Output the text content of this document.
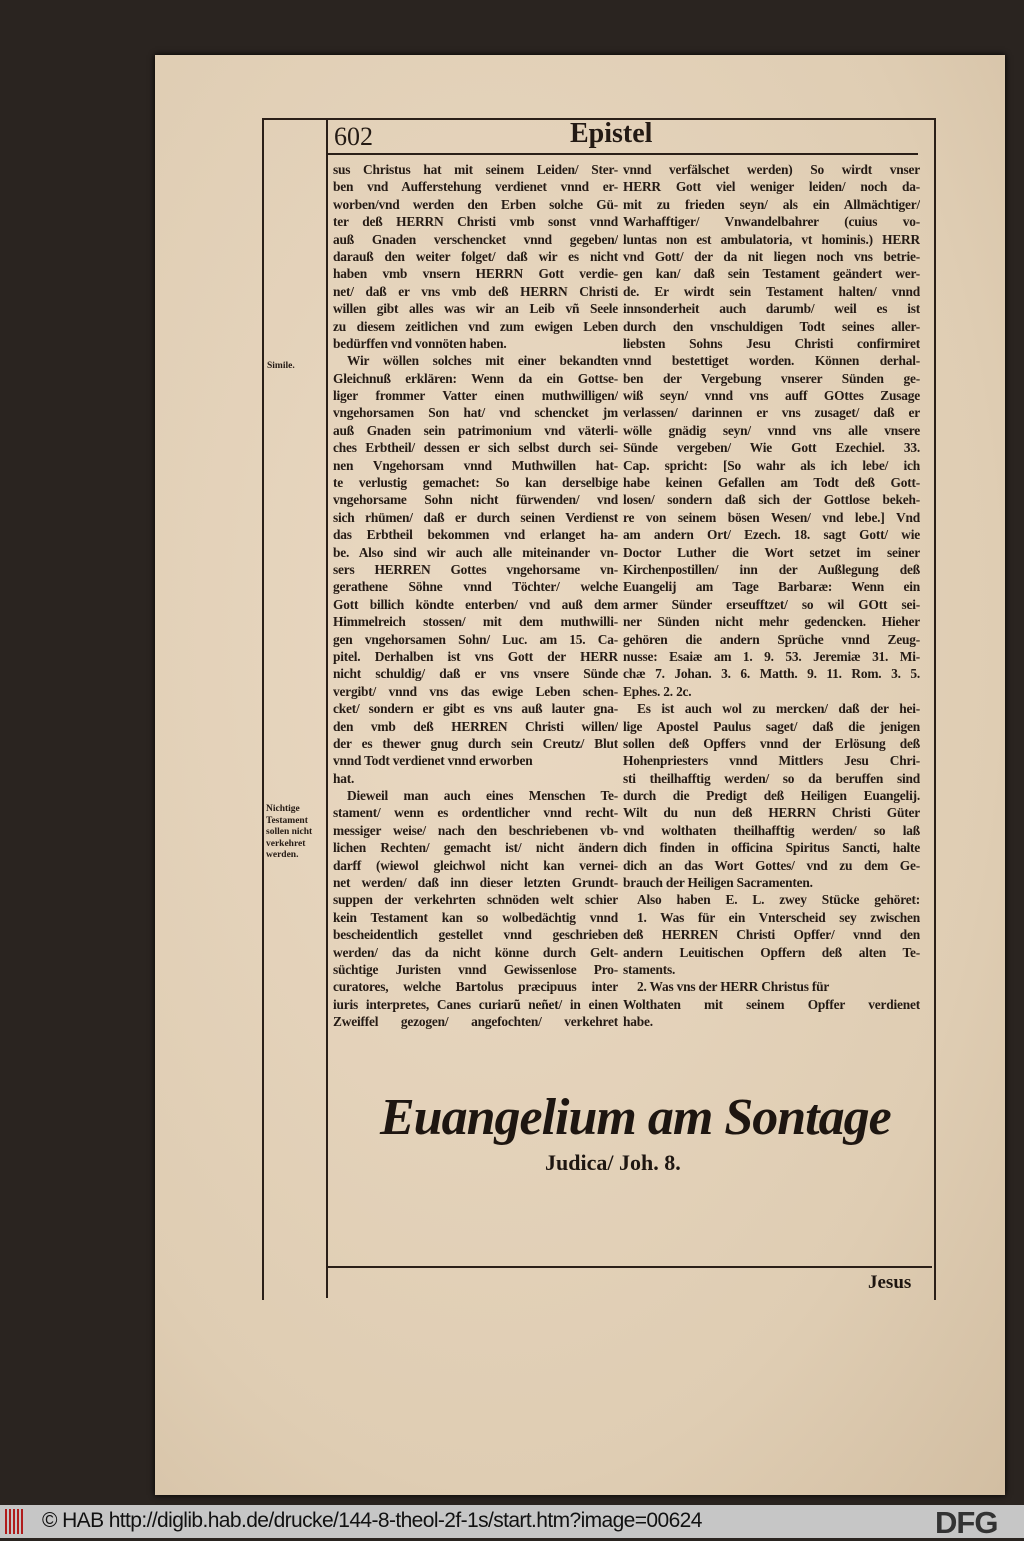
602	Epistel
sus Christus hat mit seinem Leiden/ Ster-
ben vnd Aufferstehung verdienet vnnd er-
worben/vnd werden den Erben solche Gü-
ter deß HERRN Christi vmb sonst vnnd
auß Gnaden verschencket vnnd gegeben/
darauß den weiter folget/ daß wir es nicht
haben vmb vnsern HERRN Gott verdie-
net/ daß er vns vmb deß HERRN Christi
willen gibt alles was wir an Leib vñ Seele
zu diesem zeitlichen vnd zum ewigen Leben
bedürffen vnd vonnöten haben.
Wir wöllen solches mit einer bekandten
Gleichnuß erklären: Wenn da ein Gottse-
liger frommer Vatter einen muthwilligen/
vngehorsamen Son hat/ vnd schencket jm
auß Gnaden sein patrimonium vnd väterli-
ches Erbtheil/ dessen er sich selbst durch sei-
nen Vngehorsam vnnd Muthwillen hat-
te verlustig gemachet: So kan derselbige
vngehorsame Sohn nicht fürwenden/ vnd
sich rhümen/ daß er durch seinen Verdienst
das Erbtheil bekommen vnd erlanget ha-
be. Also sind wir auch alle miteinander vn-
sers HERREN Gottes vngehorsame vn-
gerathene Söhne vnnd Töchter/ welche
Gott billich köndte enterben/ vnd auß dem
Himmelreich stossen/ mit dem muthwilli-
gen vngehorsamen Sohn/ Luc. am 15. Ca-
pitel. Derhalben ist vns Gott der HERR
nicht schuldig/ daß er vns vnsere Sünde
vergibt/ vnnd vns das ewige Leben schen-
cket/ sondern er gibt es vns auß lauter gna-
den vmb deß HERREN Christi willen/
der es thewer gnug durch sein Creutz/ Blut
vnnd Todt verdienet vnnd erworben
hat.
Dieweil man auch eines Menschen Te-
stament/ wenn es ordentlicher vnnd recht-
messiger weise/ nach den beschriebenen vb-
lichen Rechten/ gemacht ist/ nicht ändern
darff (wiewol gleichwol nicht kan vernei-
net werden/ daß inn dieser letzten Grundt-
suppen der verkehrten schnöden welt schier
kein Testament kan so wolbedächtig vnnd
bescheidentlich gestellet vnnd geschrieben
werden/ das da nicht könne durch Gelt-
süchtige Juristen vnnd Gewissenlose Pro-
curatores, welche Bartolus præcipuus inter
iuris interpretes, Canes curiarũ neñet/ in einen
Zweiffel gezogen/ angefochten/ verkehret
vnnd verfälschet werden) So wirdt vnser
HERR Gott viel weniger leiden/ noch da-
mit zu frieden seyn/ als ein Allmächtiger/
Warhafftiger/ Vnwandelbahrer (cuius vo-
luntas non est ambulatoria, vt hominis.) HERR
vnd Gott/ der da nit liegen noch vns betrie-
gen kan/ daß sein Testament geändert wer-
de. Er wirdt sein Testament halten/ vnnd
innsonderheit auch darumb/ weil es ist
durch den vnschuldigen Todt seines aller-
liebsten Sohns Jesu Christi confirmiret
vnnd bestettiget worden. Können derhal-
ben der Vergebung vnserer Sünden ge-
wiß seyn/ vnnd vns auff GOttes Zusage
verlassen/ darinnen er vns zusaget/ daß er
wölle gnädig seyn/ vnnd vns alle vnsere
Sünde vergeben/ Wie Gott Ezechiel. 33.
Cap. spricht: [So wahr als ich lebe/ ich
habe keinen Gefallen am Todt deß Gott-
losen/ sondern daß sich der Gottlose bekeh-
re von seinem bösen Wesen/ vnd lebe.] Vnd
am andern Ort/ Ezech. 18. sagt Gott/ wie
Doctor Luther die Wort setzet im seiner
Kirchenpostillen/ inn der Außlegung deß
Euangelij am Tage Barbaræ: Wenn ein
armer Sünder erseufftzet/ so wil GOtt sei-
ner Sünden nicht mehr gedencken. Hieher
gehören die andern Sprüche vnnd Zeug-
nusse: Esaiæ am 1. 9. 53. Jeremiæ 31. Mi-
chæ 7. Johan. 3. 6. Matth. 9. 11. Rom. 3. 5.
Ephes. 2. 2c.
Es ist auch wol zu mercken/ daß der hei-
lige Apostel Paulus saget/ daß die jenigen
sollen deß Opffers vnnd der Erlösung deß
Hohenpriesters vnnd Mittlers Jesu Chri-
sti theilhafftig werden/ so da beruffen sind
durch die Predigt deß Heiligen Euangelij.
Wilt du nun deß HERRN Christi Güter
vnd wolthaten theilhafftig werden/ so laß
dich finden in officina Spiritus Sancti, halte
dich an das Wort Gottes/ vnd zu dem Ge-
brauch der Heiligen Sacramenten.
Also haben E. L. zwey Stücke gehöret:
1. Was für ein Vnterscheid sey zwischen
deß HERREN Christi Opffer/ vnnd den
andern Leuitischen Opffern deß alten Te-
staments.
2. Was vns der HERR Christus für
Wolthaten mit seinem Opffer verdienet
habe.
Simile.
Nichtige
Testament
sollen nicht
verkehret
werden.
Euangelium am Sontage
Judica/ Joh. 8.
Jesus
© HAB http://diglib.hab.de/drucke/144-8-theol-2f-1s/start.htm?image=00624	DFG
